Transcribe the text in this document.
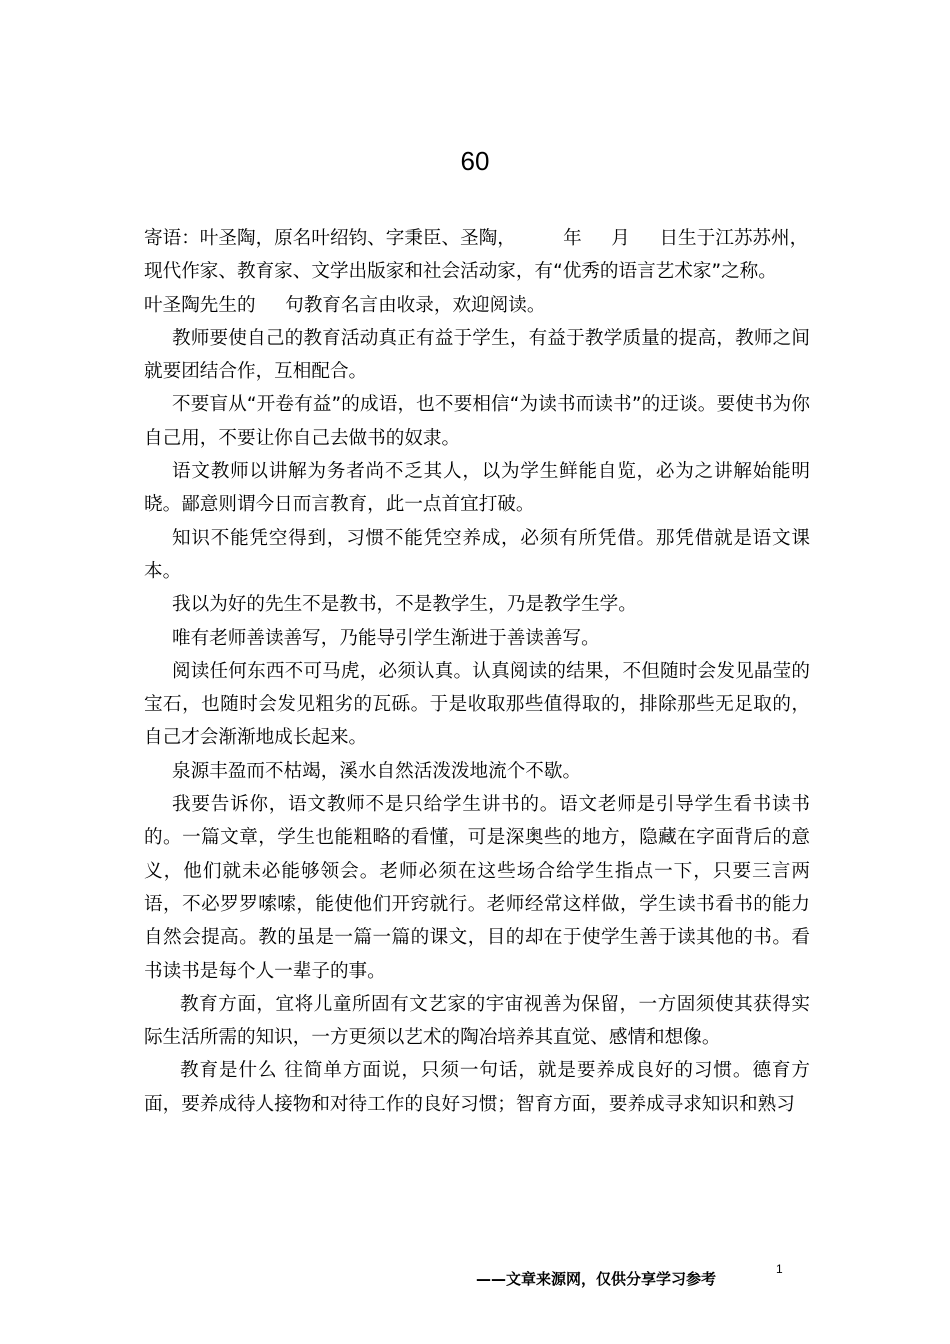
60
寄语：叶圣陶，原名叶绍钧、字秉臣、圣陶，        年     月     日生于江苏苏州，
现代作家、教育家、文学出版家和社会活动家，有“优秀的语言艺术家”之称。
叶圣陶先生的     句教育名言由收录，欢迎阅读。

教师要使自己的教育活动真正有益于学生，有益于教学质量的提高，教师之间就要团结合作，互相配合。

不要盲从“开卷有益”的成语，也不要相信“为读书而读书”的迂谈。要使书为你自己用，不要让你自己去做书的奴隶。

语文教师以讲解为务者尚不乏其人，以为学生鲜能自览，必为之讲解始能明晓。鄙意则谓今日而言教育，此一点首宜打破。

知识不能凭空得到，习惯不能凭空养成，必须有所凭借。那凭借就是语文课本。

我以为好的先生不是教书，不是教学生，乃是教学生学。

唯有老师善读善写，乃能导引学生渐进于善读善写。

阅读任何东西不可马虎，必须认真。认真阅读的结果，不但随时会发见晶莹的宝石，也随时会发见粗劣的瓦砾。于是收取那些值得取的，排除那些无足取的，自己才会渐渐地成长起来。

泉源丰盈而不枯竭，溪水自然活泼泼地流个不歇。

我要告诉你，语文教师不是只给学生讲书的。语文老师是引导学生看书读书的。一篇文章，学生也能粗略的看懂，可是深奥些的地方，隐藏在字面背后的意义，他们就未必能够领会。老师必须在这些场合给学生指点一下，只要三言两语，不必罗罗嗦嗦，能使他们开窍就行。老师经常这样做，学生读书看书的能力自然会提高。教的虽是一篇一篇的课文，目的却在于使学生善于读其他的书。看书读书是每个人一辈子的事。

教育方面，宜将儿童所固有文艺家的宇宙视善为保留，一方固须使其获得实际生活所需的知识，一方更须以艺术的陶冶培养其直觉、感情和想像。

教育是什么 往简单方面说，只须一句话，就是要养成良好的习惯。德育方面，要养成待人接物和对待工作的良好习惯；智育方面，要养成寻求知识和熟习

1
——文章来源网，仅供分享学习参考
